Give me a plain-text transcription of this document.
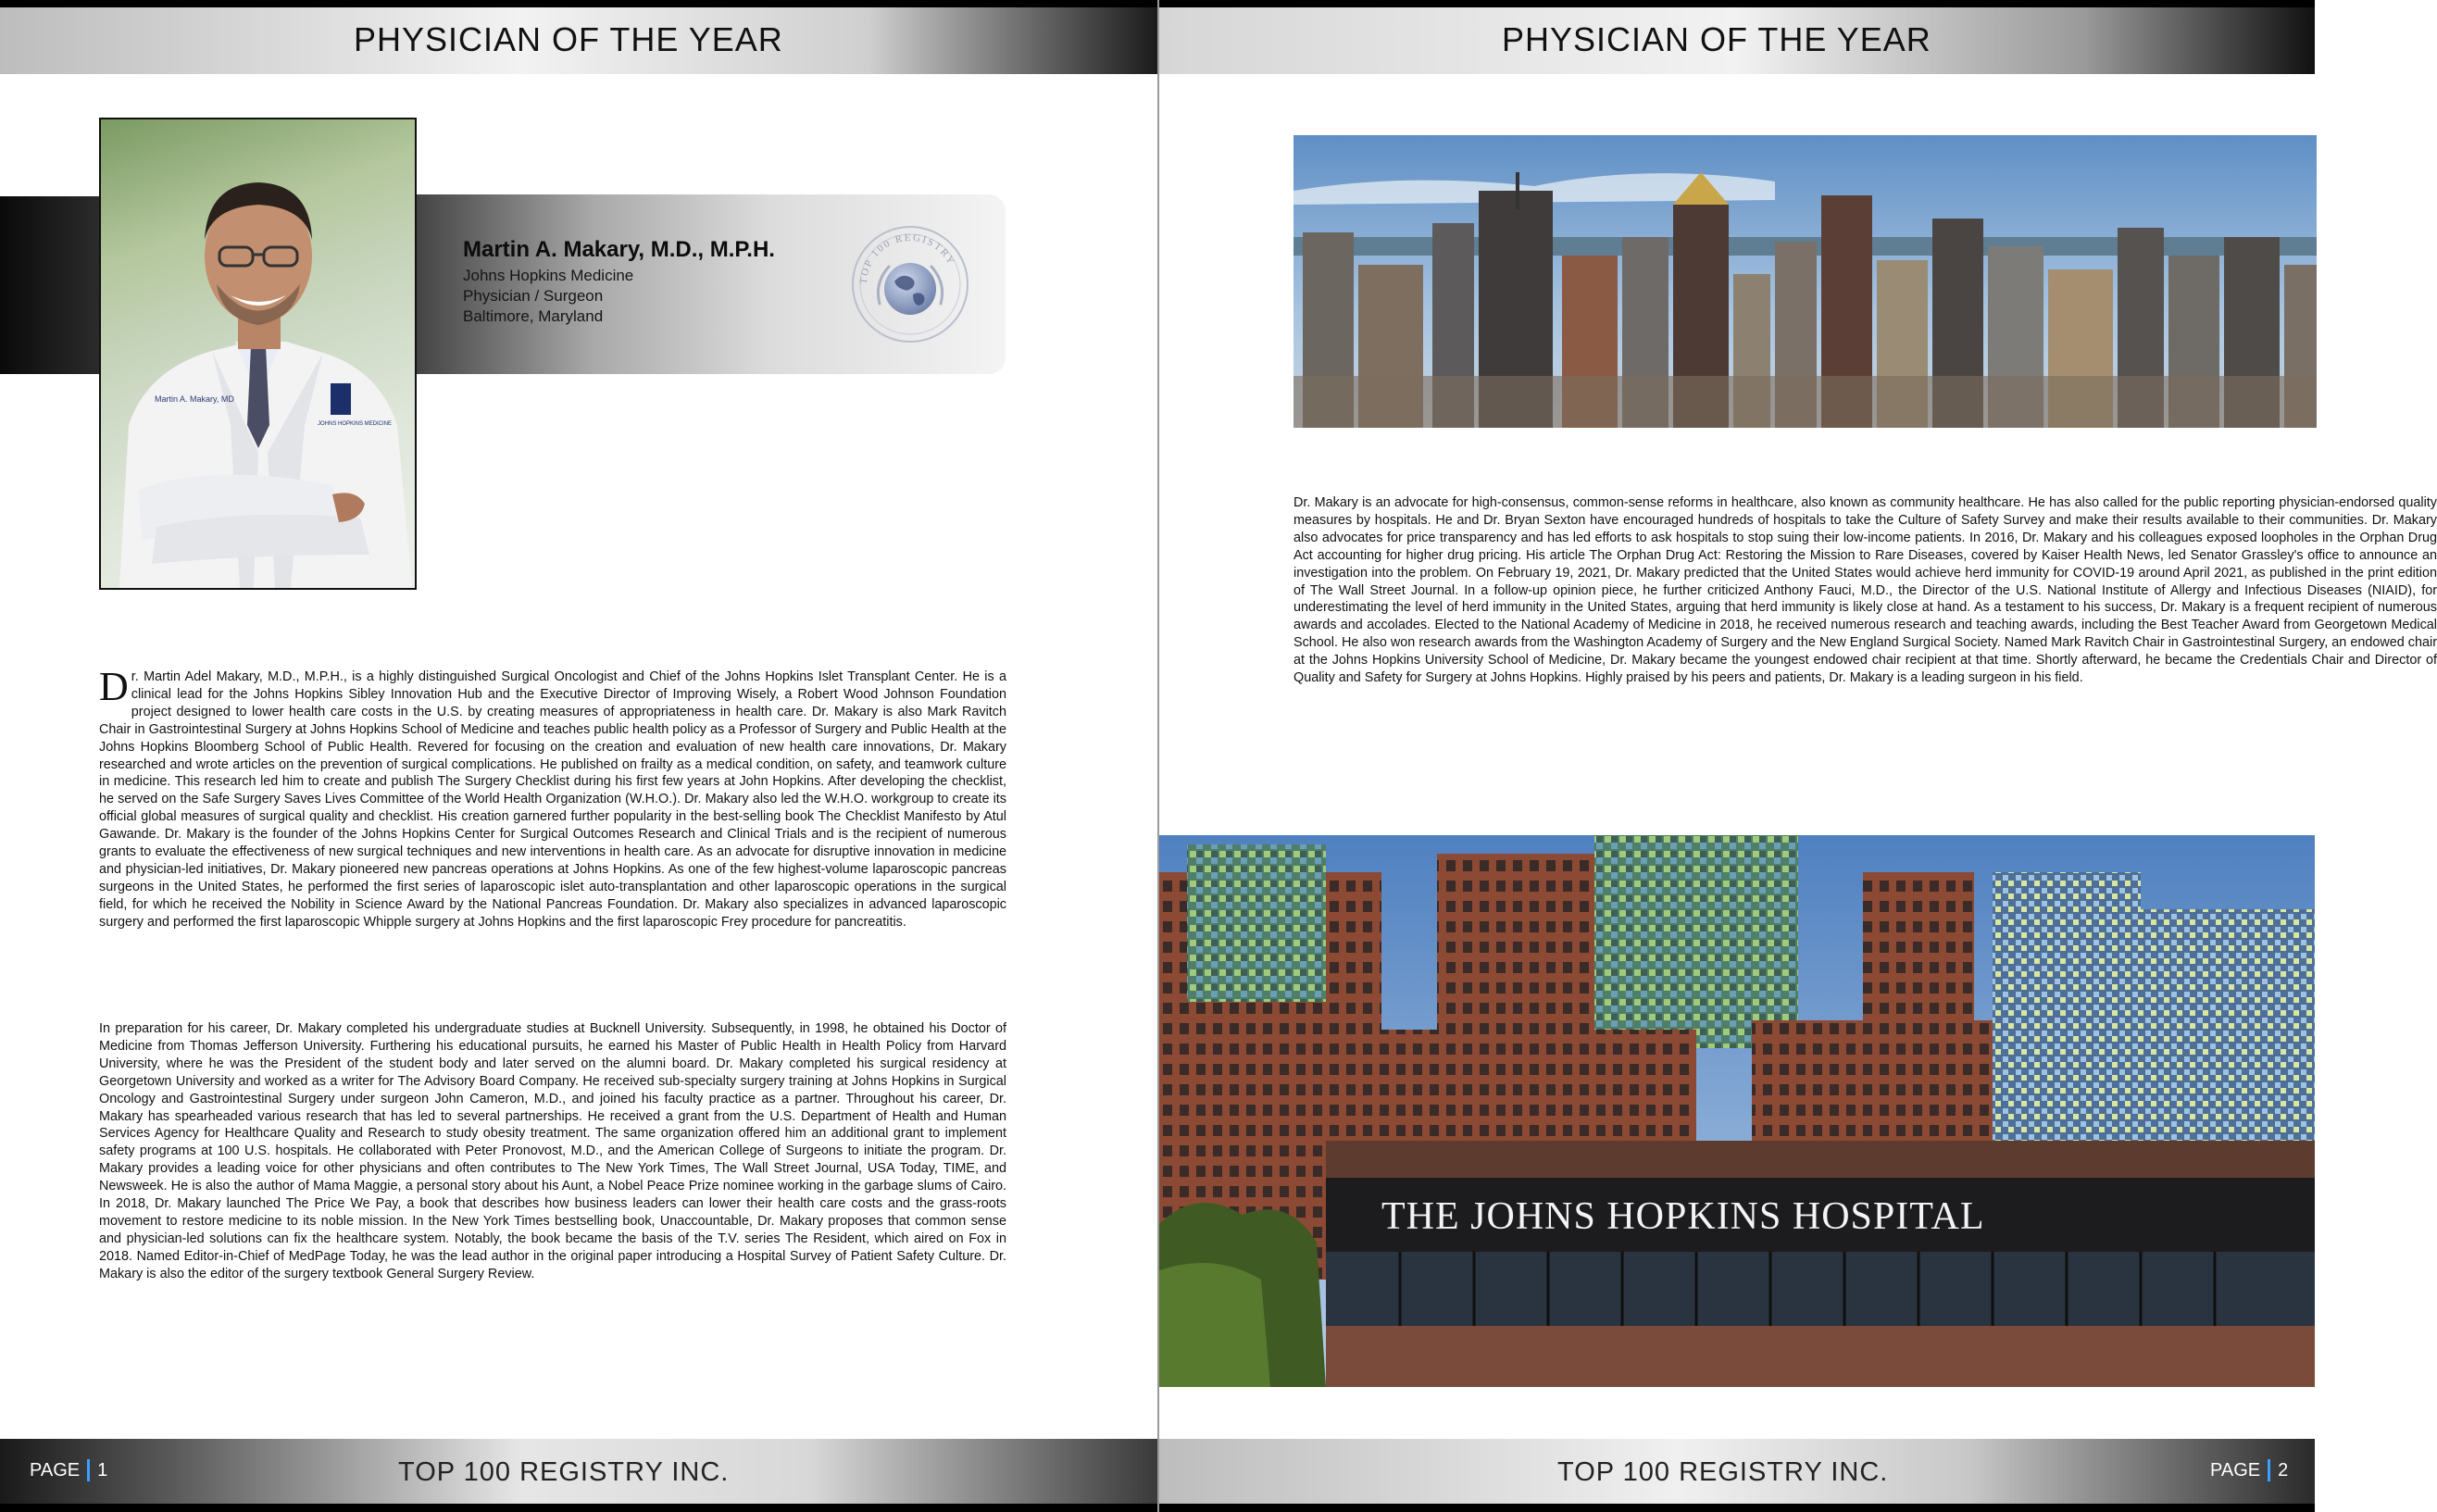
PHYSICIAN OF THE YEAR
Martin A. Makary, M.D., M.P.H.
Johns Hopkins Medicine
Physician / Surgeon
Baltimore, Maryland
TOP 100 REGISTRY
Martin A. Makary, MD
JOHNS HOPKINS MEDICINE

Dr. Martin Adel Makary, M.D., M.P.H., is a highly distinguished Surgical Oncologist and Chief of the Johns Hopkins Islet Transplant Center. He is a clinical lead for the Johns Hopkins Sibley Innovation Hub and the Executive Director of Improving Wisely, a Robert Wood Johnson Foundation project designed to lower health care costs in the U.S. by creating measures of appropriateness in health care. Dr. Makary is also Mark Ravitch Chair in Gastrointestinal Surgery at Johns Hopkins School of Medicine and teaches public health policy as a Professor of Surgery and Public Health at the Johns Hopkins Bloomberg School of Public Health. Revered for focusing on the creation and evaluation of new health care innovations, Dr. Makary researched and wrote articles on the prevention of surgical complications. He published on frailty as a medical condition, on safety, and teamwork culture in medicine. This research led him to create and publish The Surgery Checklist during his first few years at John Hopkins. After developing the checklist, he served on the Safe Surgery Saves Lives Committee of the World Health Organization (W.H.O.). Dr. Makary also led the W.H.O. workgroup to create its official global measures of surgical quality and checklist. His creation garnered further popularity in the best-selling book The Checklist Manifesto by Atul Gawande. Dr. Makary is the founder of the Johns Hopkins Center for Surgical Outcomes Research and Clinical Trials and is the recipient of numerous grants to evaluate the effectiveness of new surgical techniques and new interventions in health care. As an advocate for disruptive innovation in medicine and physician-led initiatives, Dr. Makary pioneered new pancreas operations at Johns Hopkins. As one of the few highest-volume laparoscopic pancreas surgeons in the United States, he performed the first series of laparoscopic islet auto-transplantation and other laparoscopic operations in the surgical field, for which he received the Nobility in Science Award by the National Pancreas Foundation. Dr. Makary also specializes in advanced laparoscopic surgery and performed the first laparoscopic Whipple surgery at Johns Hopkins and the first laparoscopic Frey procedure for pancreatitis.

In preparation for his career, Dr. Makary completed his undergraduate studies at Bucknell University. Subsequently, in 1998, he obtained his Doctor of Medicine from Thomas Jefferson University. Furthering his educational pursuits, he earned his Master of Public Health in Health Policy from Harvard University, where he was the President of the student body and later served on the alumni board. Dr. Makary completed his surgical residency at Georgetown University and worked as a writer for The Advisory Board Company. He received sub-specialty surgery training at Johns Hopkins in Surgical Oncology and Gastrointestinal Surgery under surgeon John Cameron, M.D., and joined his faculty practice as a partner. Throughout his career, Dr. Makary has spearheaded various research that has led to several partnerships. He received a grant from the U.S. Department of Health and Human Services Agency for Healthcare Quality and Research to study obesity treatment. The same organization offered him an additional grant to implement safety programs at 100 U.S. hospitals. He collaborated with Peter Pronovost, M.D., and the American College of Surgeons to initiate the program. Dr. Makary provides a leading voice for other physicians and often contributes to The New York Times, The Wall Street Journal, USA Today, TIME, and Newsweek. He is also the author of Mama Maggie, a personal story about his Aunt, a Nobel Peace Prize nominee working in the garbage slums of Cairo. In 2018, Dr. Makary launched The Price We Pay, a book that describes how business leaders can lower their health care costs and the grass-roots movement to restore medicine to its noble mission. In the New York Times bestselling book, Unaccountable, Dr. Makary proposes that common sense and physician-led solutions can fix the healthcare system. Notably, the book became the basis of the T.V. series The Resident, which aired on Fox in 2018. Named Editor-in-Chief of MedPage Today, he was the lead author in the original paper introducing a Hospital Survey of Patient Safety Culture. Dr. Makary is also the editor of the surgery textbook General Surgery Review.

PAGE 1	TOP 100 REGISTRY INC.
PHYSICIAN OF THE YEAR

Dr. Makary is an advocate for high-consensus, common-sense reforms in healthcare, also known as community healthcare. He has also called for the public reporting physician-endorsed quality measures by hospitals. He and Dr. Bryan Sexton have encouraged hundreds of hospitals to take the Culture of Safety Survey and make their results available to their communities. Dr. Makary also advocates for price transparency and has led efforts to ask hospitals to stop suing their low-income patients. In 2016, Dr. Makary and his colleagues exposed loopholes in the Orphan Drug Act accounting for higher drug pricing. His article The Orphan Drug Act: Restoring the Mission to Rare Diseases, covered by Kaiser Health News, led Senator Grassley's office to announce an investigation into the problem. On February 19, 2021, Dr. Makary predicted that the United States would achieve herd immunity for COVID-19 around April 2021, as published in the print edition of The Wall Street Journal. In a follow-up opinion piece, he further criticized Anthony Fauci, M.D., the Director of the U.S. National Institute of Allergy and Infectious Diseases (NIAID), for underestimating the level of herd immunity in the United States, arguing that herd immunity is likely close at hand. As a testament to his success, Dr. Makary is a frequent recipient of numerous awards and accolades. Elected to the National Academy of Medicine in 2018, he received numerous research and teaching awards, including the Best Teacher Award from Georgetown Medical School. He also won research awards from the Washington Academy of Surgery and the New England Surgical Society. Named Mark Ravitch Chair in Gastrointestinal Surgery, an endowed chair at the Johns Hopkins University School of Medicine, Dr. Makary became the youngest endowed chair recipient at that time. Shortly afterward, he became the Credentials Chair and Director of Quality and Safety for Surgery at Johns Hopkins. Highly praised by his peers and patients, Dr. Makary is a leading surgeon in his field.

THE JOHNS HOPKINS HOSPITAL
TOP 100 REGISTRY INC.	PAGE 2
